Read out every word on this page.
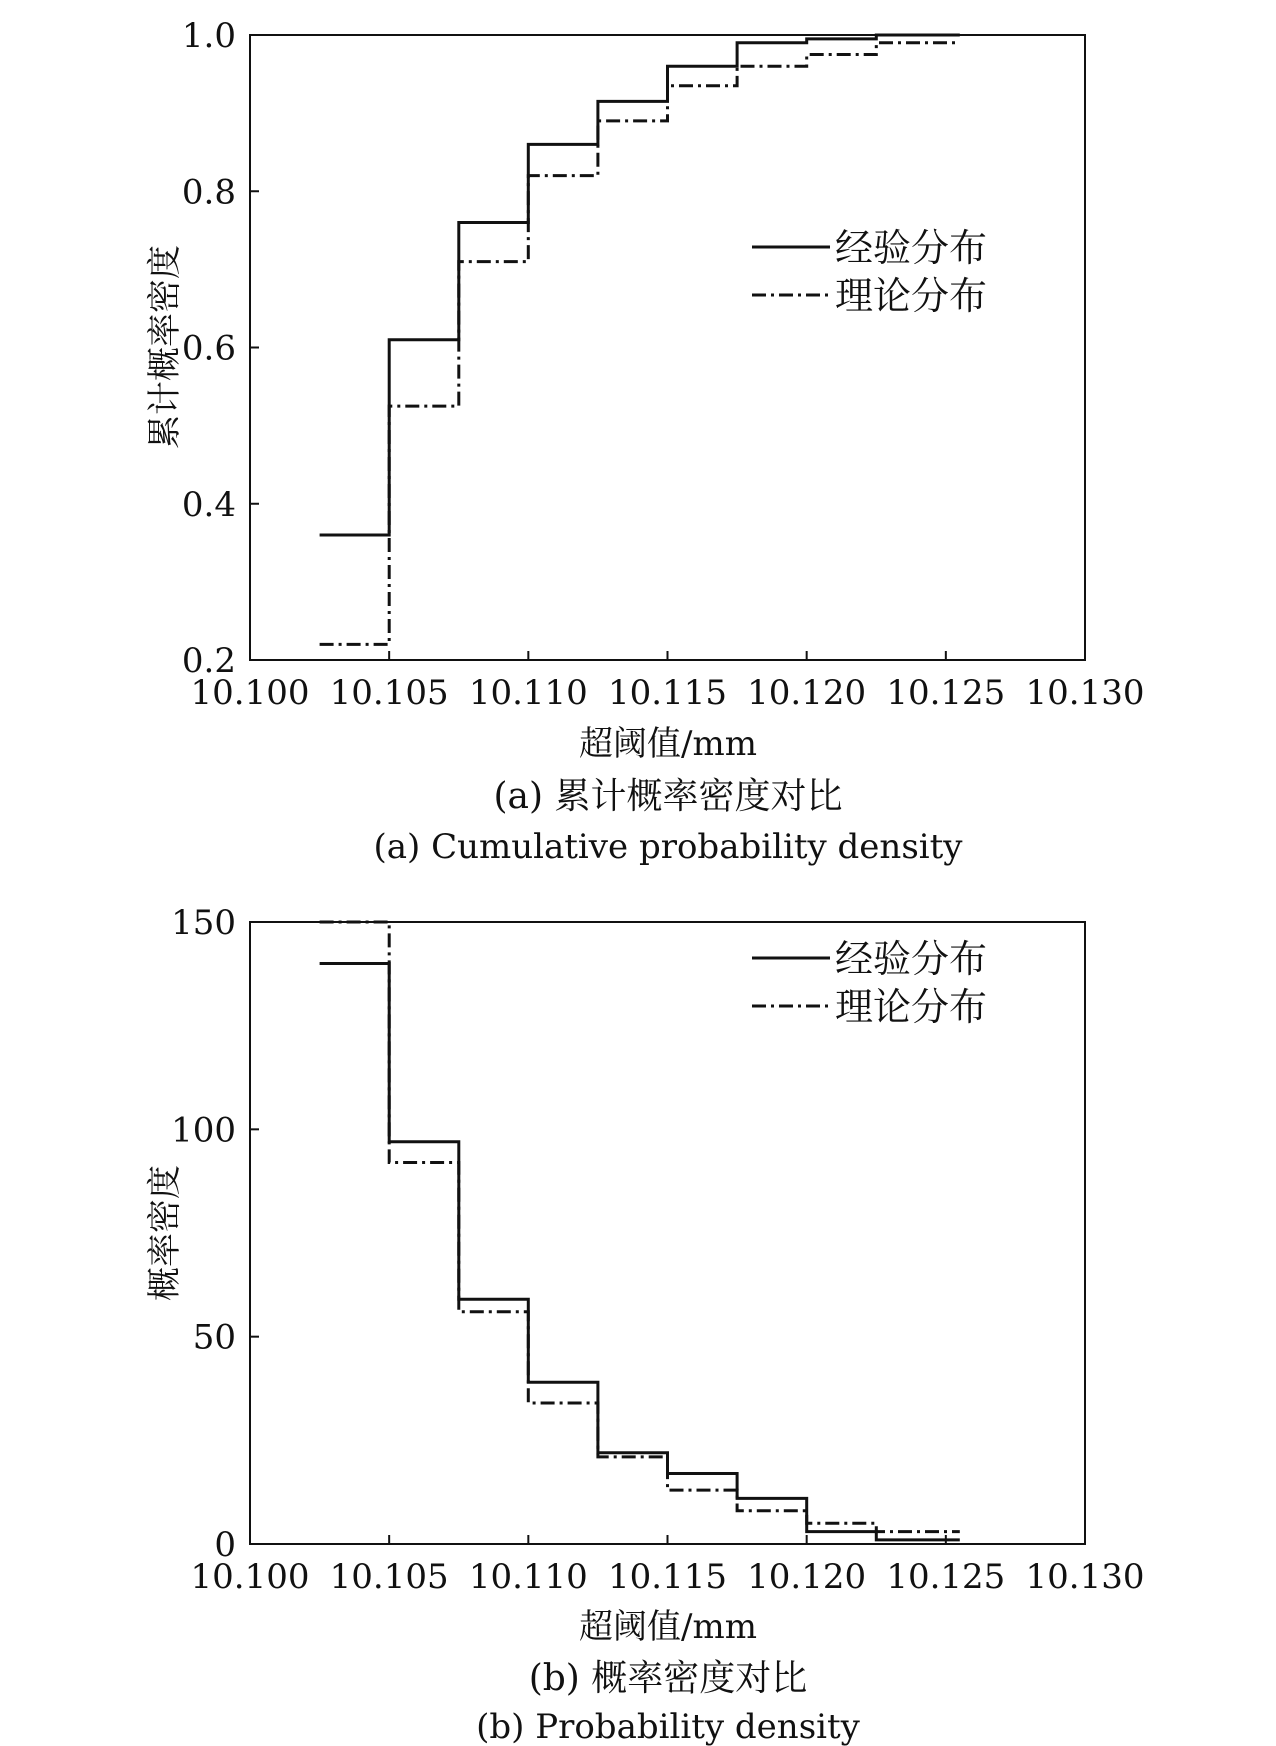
10.100 10.105 10.110 10.115 10.120 10.125 10.130
0.2
0.4
0.6
0.8
1.0
累计概率密度
超阈值/mm
经验分布
理论分布
(a) 累计概率密度对比
(a) Cumulative probability density
10.100 10.105 10.110 10.115 10.120 10.125 10.130
0
50
100
150
概率密度
超阈值/mm
经验分布
理论分布
(b) 概率密度对比
(b) Probability density
